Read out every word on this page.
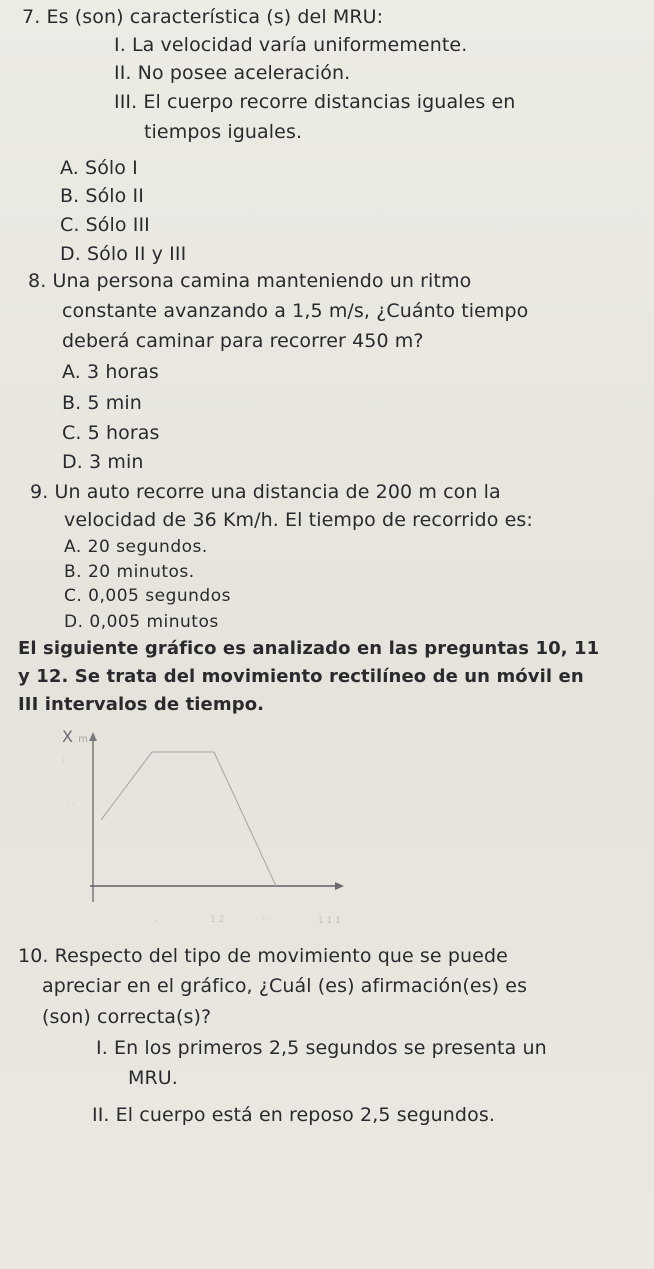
7. Es (son) característica (s) del MRU:
I. La velocidad varía uniformemente.
II. No posee aceleración.
III. El cuerpo recorre distancias iguales en
tiempos iguales.
A. Sólo I
B. Sólo II
C. Sólo III
D. Sólo II y III
8. Una persona camina manteniendo un ritmo
constante avanzando a 1,5 m/s, ¿Cuánto tiempo
deberá caminar para recorrer 450 m?
A. 3 horas
B. 5 min
C. 5 horas
D. 3 min
9. Un auto recorre una distancia de 200 m con la
velocidad de 36 Km/h. El tiempo de recorrido es:
A. 20 segundos.
B. 20 minutos.
C. 0,005 segundos
D. 0,005 minutos
El siguiente gráfico es analizado en las preguntas 10, 11
y 12. Se trata del movimiento rectilíneo de un móvil en
III intervalos de tiempo.
·	1 2	· ·	1 1 1
: :
. .
X m
10. Respecto del tipo de movimiento que se puede
apreciar en el gráfico, ¿Cuál (es) afirmación(es) es
(son) correcta(s)?
I. En los primeros 2,5 segundos se presenta un
MRU.
II. El cuerpo está en reposo 2,5 segundos.
